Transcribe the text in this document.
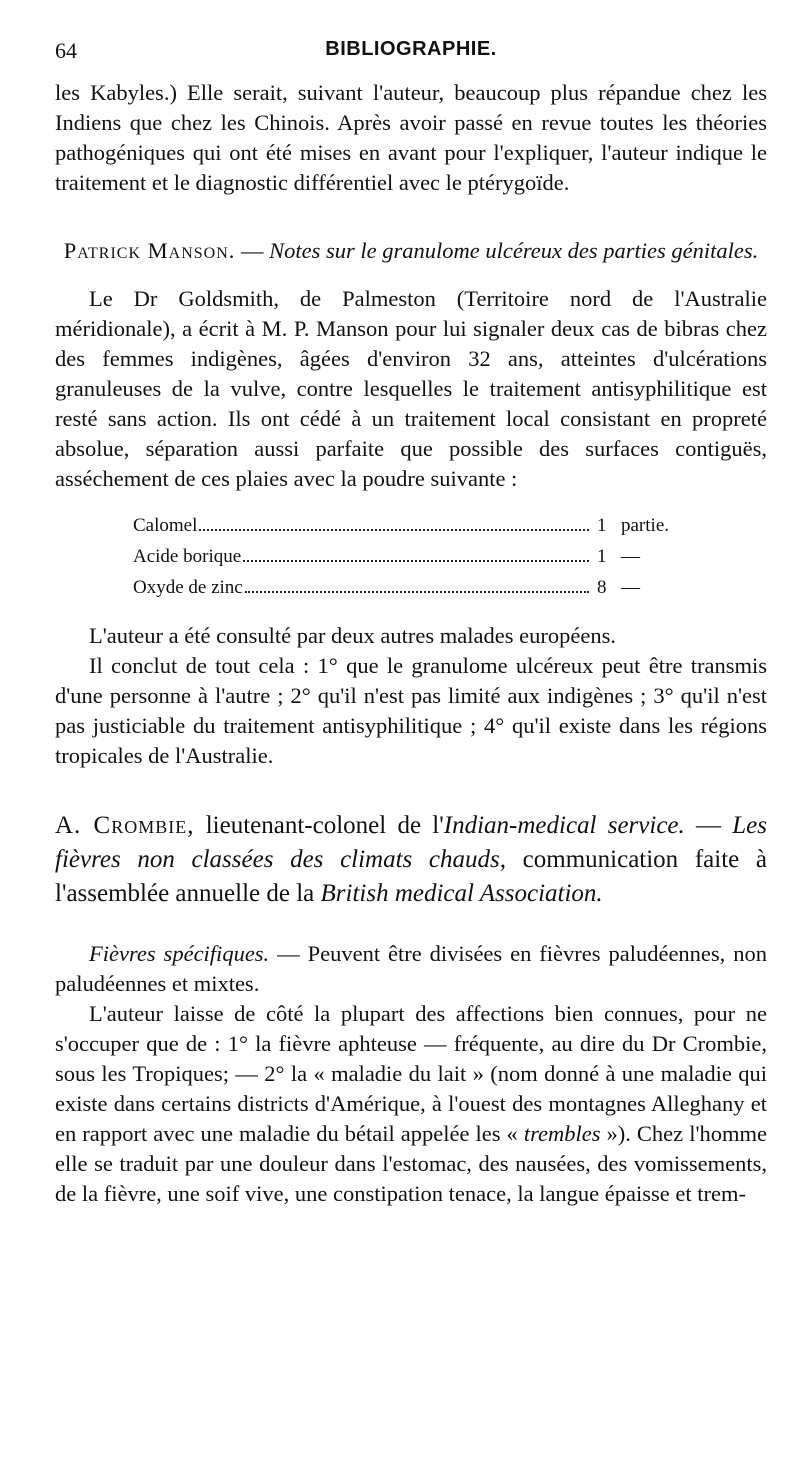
64	BIBLIOGRAPHIE.

les Kabyles.) Elle serait, suivant l'auteur, beaucoup plus répandue chez les Indiens que chez les Chinois. Après avoir passé en revue toutes les théories pathogéniques qui ont été mises en avant pour l'expliquer, l'auteur indique le traitement et le diagnostic différentiel avec le ptérygoïde.

Patrick Manson. — Notes sur le granulome ulcéreux des parties génitales.

Le Dr Goldsmith, de Palmeston (Territoire nord de l'Australie méridionale), a écrit à M. P. Manson pour lui signaler deux cas de bibras chez des femmes indigènes, âgées d'environ 32 ans, atteintes d'ulcérations granuleuses de la vulve, contre lesquelles le traitement antisyphilitique est resté sans action. Ils ont cédé à un traitement local consistant en propreté absolue, séparation aussi parfaite que possible des surfaces contiguës, asséchement de ces plaies avec la poudre suivante :

Calomel	1 partie.
Acide borique	1 —
Oxyde de zinc	8 —

L'auteur a été consulté par deux autres malades européens.

Il conclut de tout cela : 1° que le granulome ulcéreux peut être transmis d'une personne à l'autre ; 2° qu'il n'est pas limité aux indigènes ; 3° qu'il n'est pas justiciable du traitement antisyphilitique ; 4° qu'il existe dans les régions tropicales de l'Australie.

A. Crombie, lieutenant-colonel de l'Indian-medical service. — Les fièvres non classées des climats chauds, communication faite à l'assemblée annuelle de la British medical Association.

Fièvres spécifiques. — Peuvent être divisées en fièvres paludéennes, non paludéennes et mixtes.

L'auteur laisse de côté la plupart des affections bien connues, pour ne s'occuper que de : 1° la fièvre aphteuse — fréquente, au dire du Dr Crombie, sous les Tropiques; — 2° la « maladie du lait » (nom donné à une maladie qui existe dans certains districts d'Amérique, à l'ouest des montagnes Alleghany et en rapport avec une maladie du bétail appelée les « trembles »). Chez l'homme elle se traduit par une douleur dans l'estomac, des nausées, des vomissements, de la fièvre, une soif vive, une constipation tenace, la langue épaisse et trem-
